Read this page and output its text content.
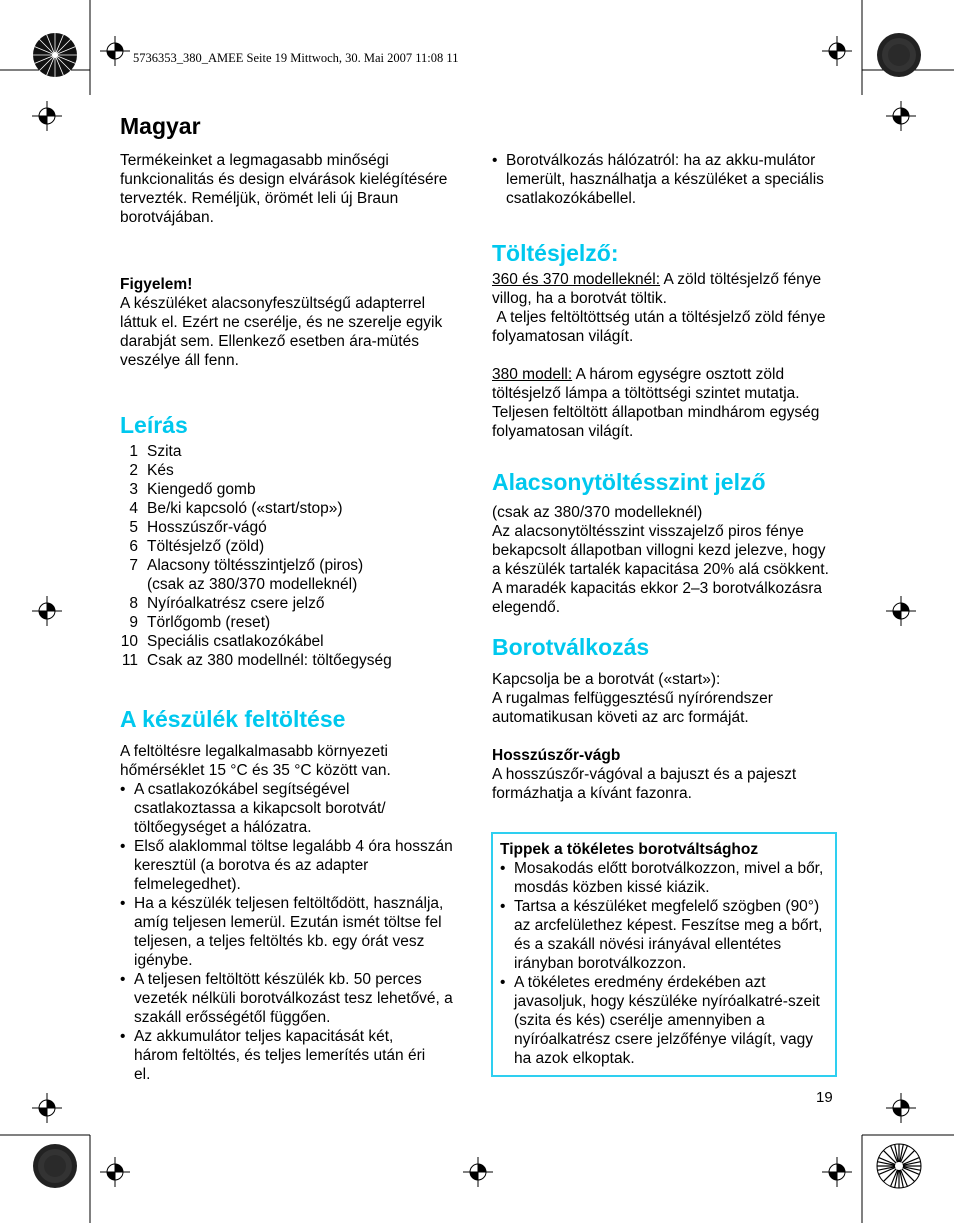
5736353_380_AMEE Seite 19 Mittwoch, 30. Mai 2007 11:08 11
Magyar

Termékeinket a legmagasabb minőségi funkcionalitás és design elvárások kielégítésére tervezték. Reméljük, örömét leli új Braun borotvájában.

Figyelem!

A készüléket alacsonyfeszültségű adapterrel láttuk el. Ezért ne cserélje, és ne szerelje egyik darabját sem. Ellenkező esetben ára-mütés veszélye áll fenn.

Leírás
1 Szita
2 Kés
3 Kiengedő gomb
4 Be/ki kapcsoló («start/stop»)
5 Hosszúszőr-vágó
6 Töltésjelző (zöld)
7 Alacsony töltésszintjelző (piros) (csak az 380/370 modelleknél)
8 Nyíróalkatrész csere jelző
9 Törlőgomb (reset)
10 Speciális csatlakozókábel
11 Csak az 380 modellnél: töltőegység
A készülék feltöltése

A feltöltésre legalkalmasabb környezeti hőmérséklet 15 °C és 35 °C között van.

• A csatlakozókábel segítségével csatlakoztassa a kikapcsolt borotvát/ töltőegységet a hálózatra.
• Első alaklommal töltse legalább 4 óra hosszán keresztül (a borotva és az adapter felmelegedhet).
• Ha a készülék teljesen feltöltődött, használja, amíg teljesen lemerül. Ezután ismét töltse fel teljesen, a teljes feltöltés kb. egy órát vesz igénybe.
• A teljesen feltöltött készülék kb. 50 perces vezeték nélküli borotválkozást tesz lehetővé, a szakáll erősségétől függően.
• Az akkumulátor teljes kapacitását két, három feltöltés, és teljes lemerítés után éri el.
• Borotválkozás hálózatról: ha az akku-mulátor lemerült, használhatja a készüléket a speciális csatlakozókábellel.
Töltésjelző:

360 és 370 modelleknél: A zöld töltésjelző fénye villog, ha a borotvát töltik.

A teljes feltöltöttség után a töltésjelző zöld fénye folyamatosan világít.

380 modell: A három egységre osztott zöld töltésjelző lámpa a töltöttségi szintet mutatja. Teljesen feltöltött állapotban mindhárom egység folyamatosan világít.

Alacsonytöltésszint jelző

(csak az 380/370 modelleknél)

Az alacsonytöltésszint visszajelző piros fénye bekapcsolt állapotban villogni kezd jelezve, hogy a készülék tartalék kapacitása 20% alá csökkent. A maradék kapacitás ekkor 2–3 borotválkozásra elegendő.

Borotválkozás

Kapcsolja be a borotvát («start»):

A rugalmas felfüggesztésű nyírórendszer automatikusan követi az arc formáját.

Hosszúszőr-vágb

A hosszúszőr-vágóval a bajuszt és a pajeszt formázhatja a kívánt fazonra.

Tippek a tökéletes borotváltsághoz

• Mosakodás előtt borotválkozzon, mivel a bőr, mosdás közben kissé kiázik.
• Tartsa a készüléket megfelelő szögben (90°) az arcfelülethez képest. Feszítse meg a bőrt, és a szakáll növési irányával ellentétes irányban borotválkozzon.
• A tökéletes eredmény érdekében azt javasoljuk, hogy készüléke nyíróalkatré-szeit (szita és kés) cserélje amennyiben a nyíróalkatrész csere jelzőfénye világít, vagy ha azok elkoptak.
19
